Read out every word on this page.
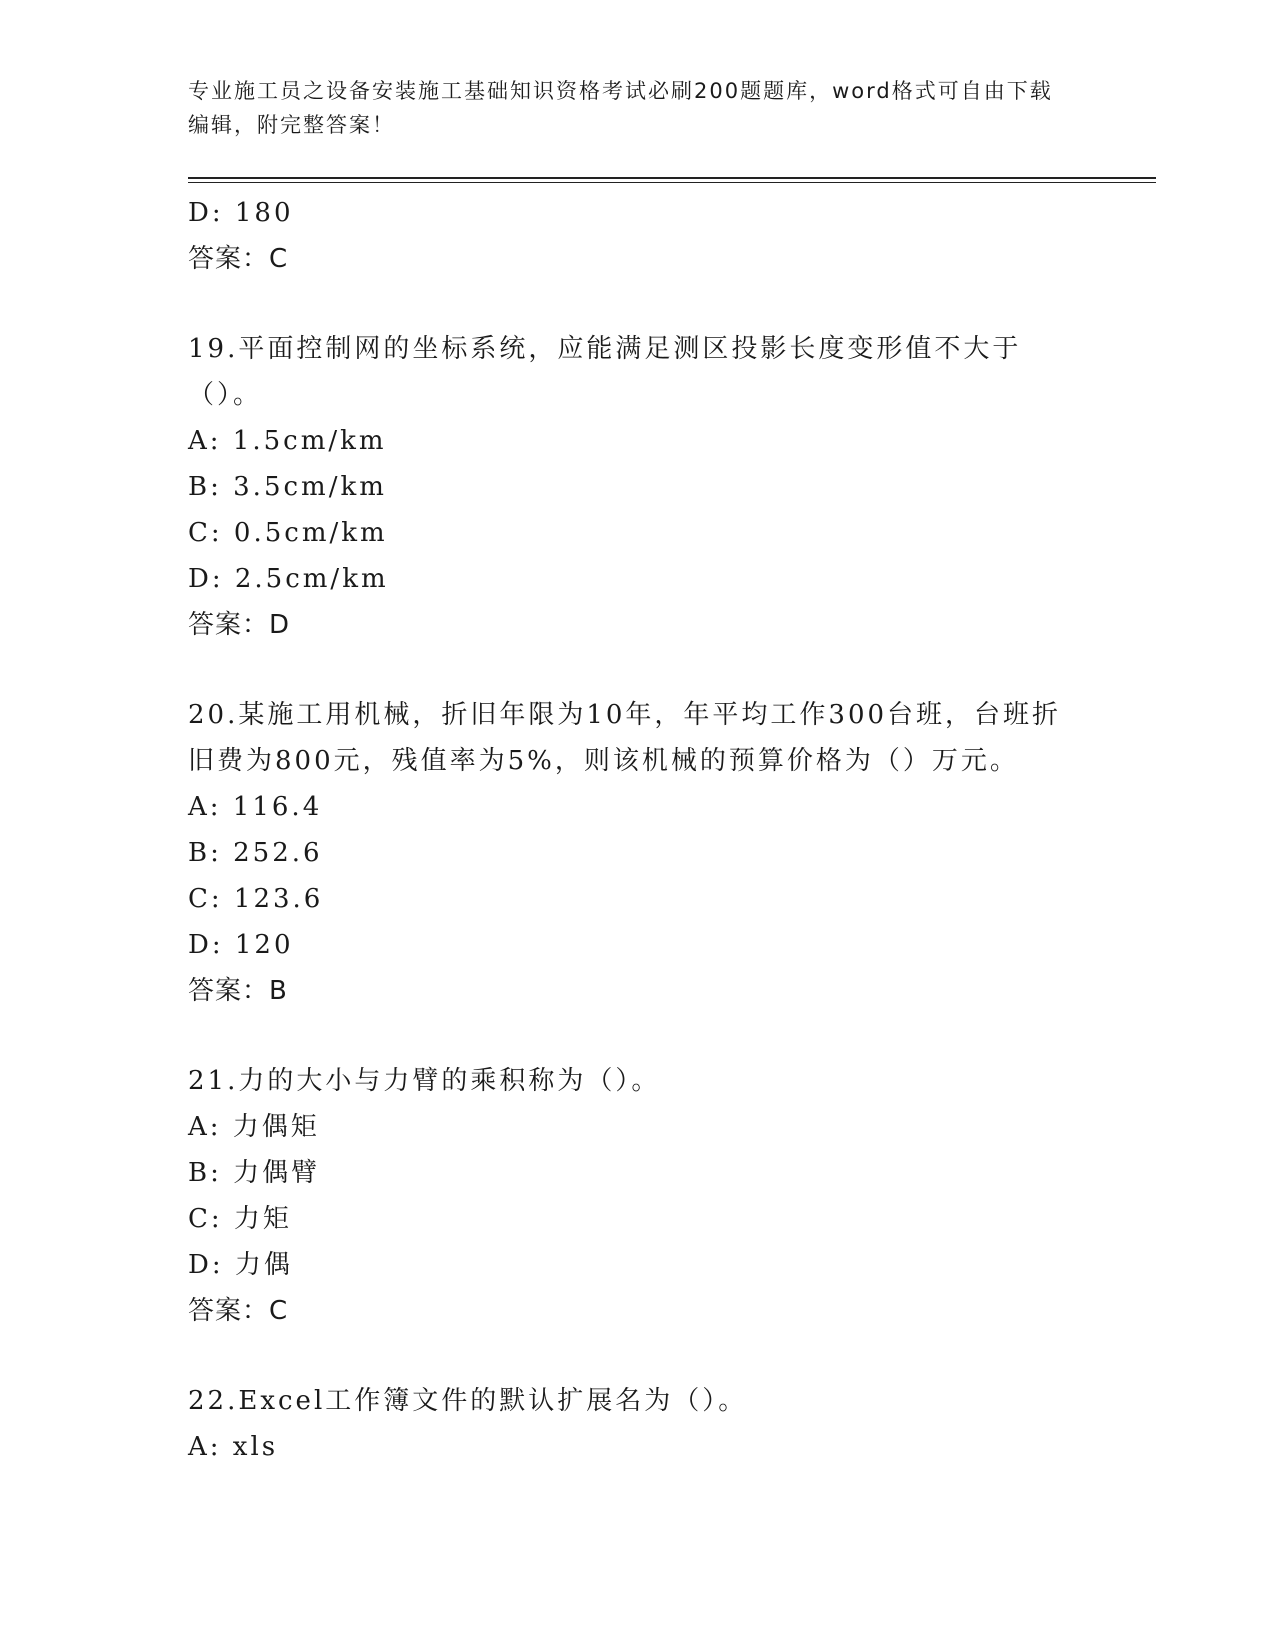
专业施工员之设备安装施工基础知识资格考试必刷200题题库，word格式可自由下载编辑，附完整答案！
D: 180
答案：C
19.平面控制网的坐标系统，应能满足测区投影长度变形值不大于（）。
A: 1.5cm/km
B: 3.5cm/km
C: 0.5cm/km
D: 2.5cm/km
答案：D
20.某施工用机械，折旧年限为10年，年平均工作300台班，台班折旧费为800元，残值率为5%，则该机械的预算价格为（）万元。
A: 116.4
B: 252.6
C: 123.6
D: 120
答案：B
21.力的大小与力臂的乘积称为（）。
A: 力偶矩
B: 力偶臂
C: 力矩
D: 力偶
答案：C
22.Excel工作簿文件的默认扩展名为（）。
A: xls
